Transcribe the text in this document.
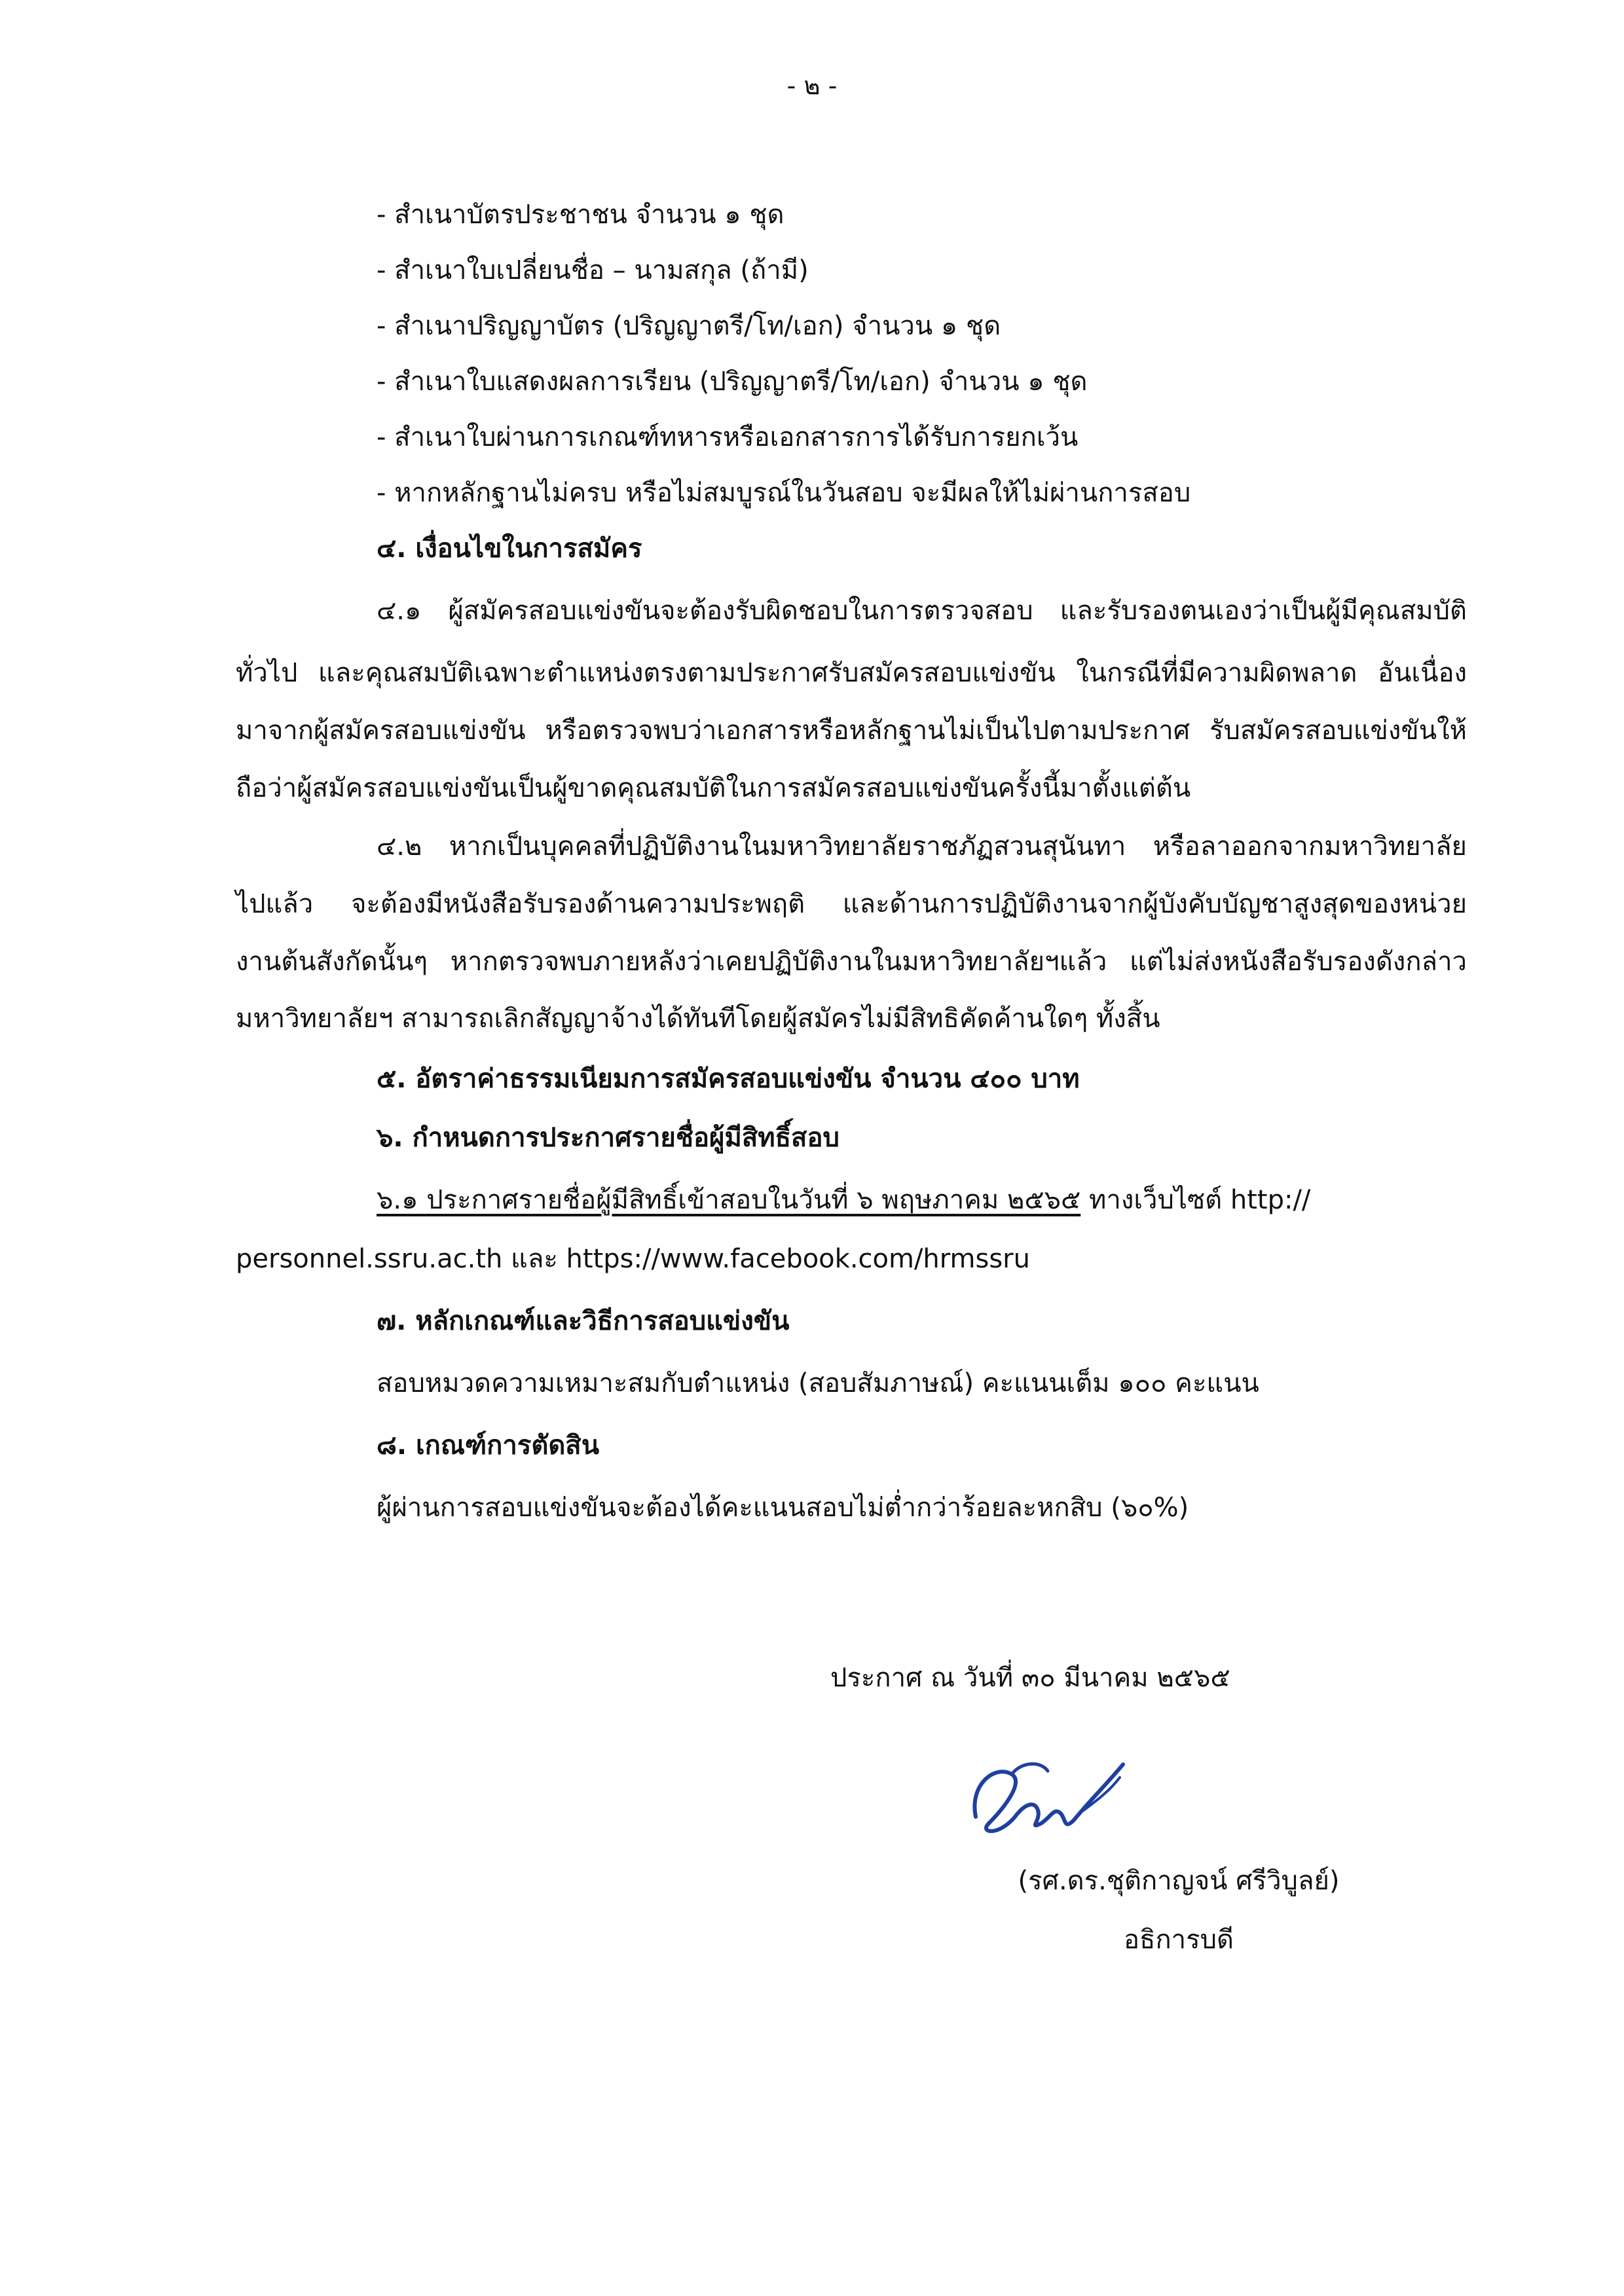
- ๒ -
- สำเนาบัตรประชาชน จำนวน ๑ ชุด
- สำเนาใบเปลี่ยนชื่อ – นามสกุล (ถ้ามี)
- สำเนาปริญญาบัตร (ปริญญาตรี/โท/เอก) จำนวน ๑ ชุด
- สำเนาใบแสดงผลการเรียน (ปริญญาตรี/โท/เอก) จำนวน ๑ ชุด
- สำเนาใบผ่านการเกณฑ์ทหารหรือเอกสารการได้รับการยกเว้น
- หากหลักฐานไม่ครบ หรือไม่สมบูรณ์ในวันสอบ จะมีผลให้ไม่ผ่านการสอบ
๔. เงื่อนไขในการสมัคร
๔.๑ ผู้สมัครสอบแข่งขันจะต้องรับผิดชอบในการตรวจสอบ และรับรองตนเองว่าเป็นผู้มีคุณสมบัติ
ทั่วไป และคุณสมบัติเฉพาะตำแหน่งตรงตามประกาศรับสมัครสอบแข่งขัน ในกรณีที่มีความผิดพลาด อันเนื่อง
มาจากผู้สมัครสอบแข่งขัน หรือตรวจพบว่าเอกสารหรือหลักฐานไม่เป็นไปตามประกาศ รับสมัครสอบแข่งขันให้
ถือว่าผู้สมัครสอบแข่งขันเป็นผู้ขาดคุณสมบัติในการสมัครสอบแข่งขันครั้งนี้มาตั้งแต่ต้น
๔.๒ หากเป็นบุคคลที่ปฏิบัติงานในมหาวิทยาลัยราชภัฏสวนสุนันทา หรือลาออกจากมหาวิทยาลัย
ไปแล้ว จะต้องมีหนังสือรับรองด้านความประพฤติ และด้านการปฏิบัติงานจากผู้บังคับบัญชาสูงสุดของหน่วย
งานต้นสังกัดนั้นๆ หากตรวจพบภายหลังว่าเคยปฏิบัติงานในมหาวิทยาลัยฯแล้ว แต่ไม่ส่งหนังสือรับรองดังกล่าว
มหาวิทยาลัยฯ สามารถเลิกสัญญาจ้างได้ทันทีโดยผู้สมัครไม่มีสิทธิคัดค้านใดๆ ทั้งสิ้น
๕. อัตราค่าธรรมเนียมการสมัครสอบแข่งขัน จำนวน ๔๐๐ บาท
๖. กำหนดการประกาศรายชื่อผู้มีสิทธิ์สอบ
๖.๑ ประกาศรายชื่อผู้มีสิทธิ์เข้าสอบในวันที่ ๖ พฤษภาคม ๒๕๖๕ ทางเว็บไซต์ http://
personnel.ssru.ac.th และ https://www.facebook.com/hrmssru
๗. หลักเกณฑ์และวิธีการสอบแข่งขัน
สอบหมวดความเหมาะสมกับตำแหน่ง (สอบสัมภาษณ์) คะแนนเต็ม ๑๐๐ คะแนน
๘. เกณฑ์การตัดสิน
ผู้ผ่านการสอบแข่งขันจะต้องได้คะแนนสอบไม่ต่ำกว่าร้อยละหกสิบ (๖๐%)
ประกาศ ณ วันที่ ๓๐ มีนาคม ๒๕๖๕
(รศ.ดร.ชุติกาญจน์ ศรีวิบูลย์)
อธิการบดี
